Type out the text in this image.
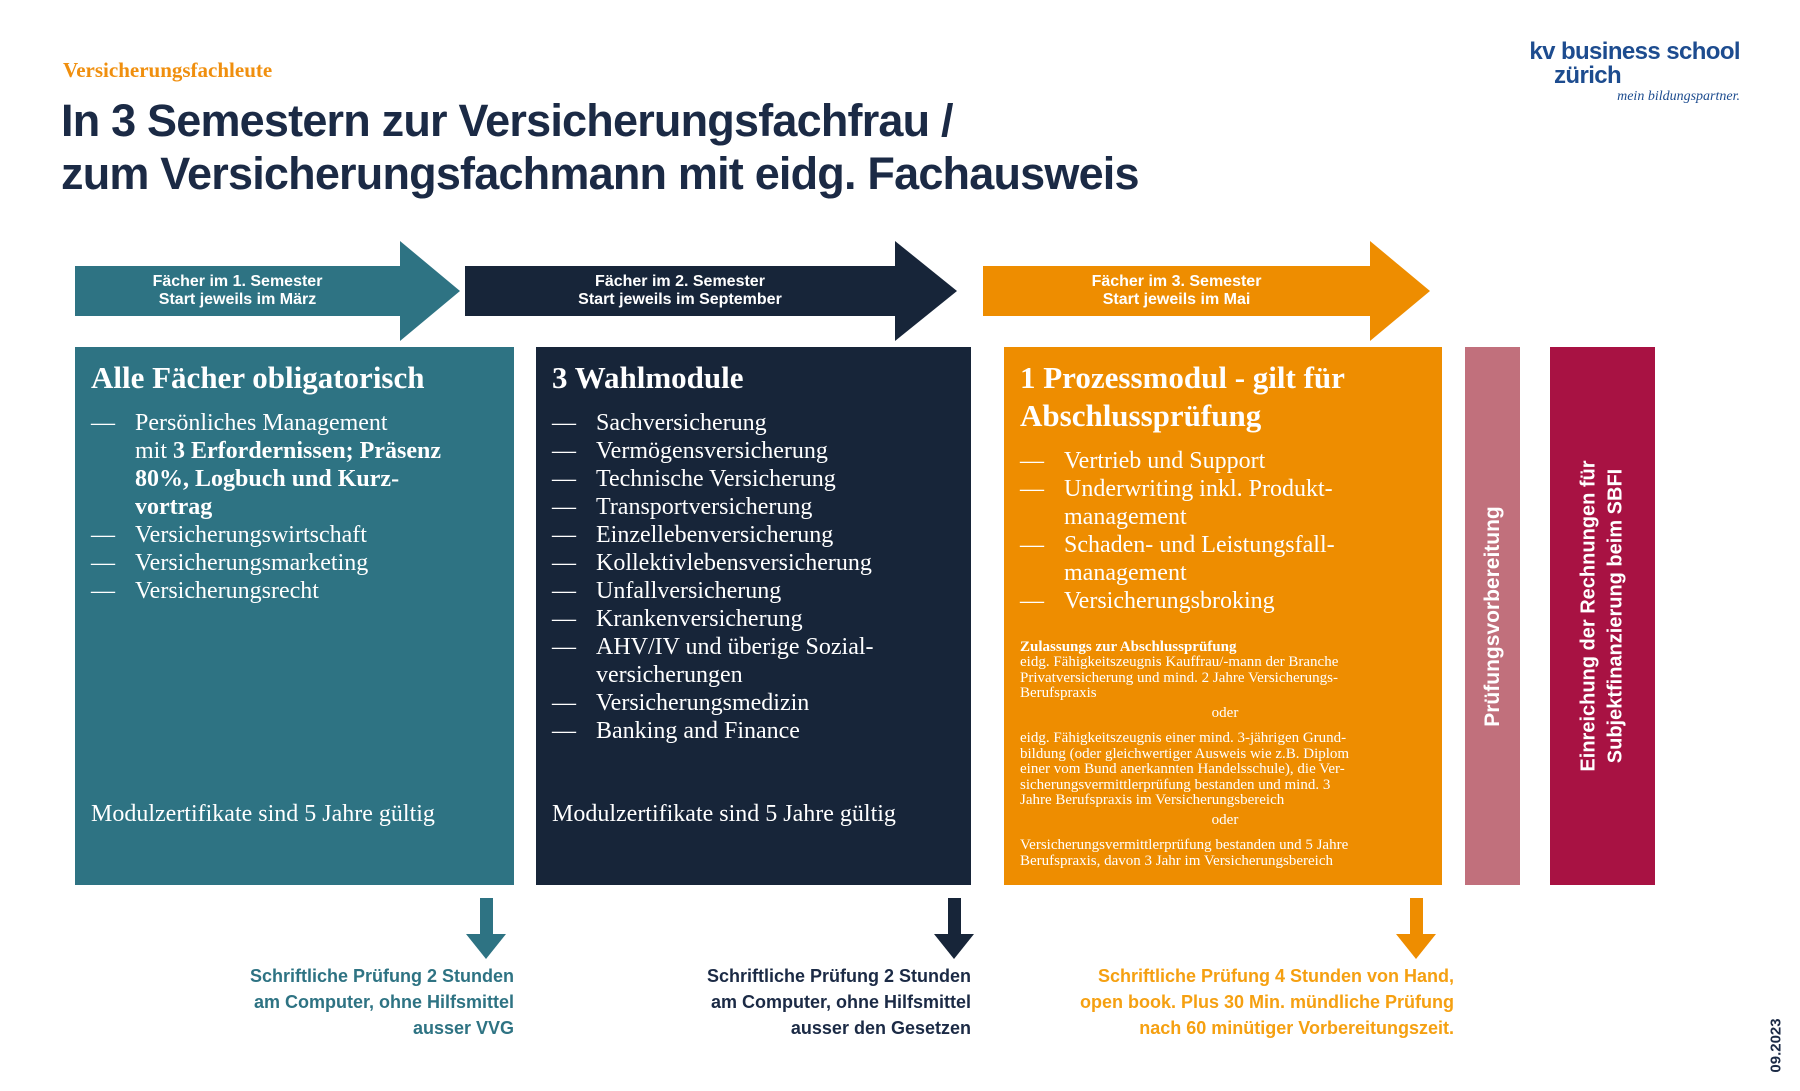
Versicherungsfachleute
In 3 Semestern zur Versicherungsfachfrau /
zum Versicherungsfachmann mit eidg. Fachausweis
kv business school
zürich
mein bildungspartner.
Fächer im 1. Semester
Start jeweils im März
Fächer im 2. Semester
Start jeweils im September
Fächer im 3. Semester
Start jeweils im Mai
Alle Fächer obligatorisch
— Persönliches Management
mit 3 Erfordernissen; Präsenz
80%, Logbuch und Kurz-
vortrag
— Versicherungswirtschaft
— Versicherungsmarketing
— Versicherungsrecht
Modulzertifikate sind 5 Jahre gültig
3 Wahlmodule
— Sachversicherung
— Vermögensversicherung
— Technische Versicherung
— Transportversicherung
— Einzellebenversicherung
— Kollektivlebensversicherung
— Unfallversicherung
— Krankenversicherung
— AHV/IV und überige Sozial-
versicherungen
— Versicherungsmedizin
— Banking and Finance
Modulzertifikate sind 5 Jahre gültig
1 Prozessmodul - gilt für
Abschlussprüfung
— Vertrieb und Support
— Underwriting inkl. Produkt-
management
— Schaden- und Leistungsfall-
management
— Versicherungsbroking
Zulassungs zur Abschlussprüfung
eidg. Fähigkeitszeugnis Kauffrau/-mann der Branche
Privatversicherung und mind. 2 Jahre Versicherungs-
Berufspraxis
oder
eidg. Fähigkeitszeugnis einer mind. 3-jährigen Grund-
bildung (oder gleichwertiger Ausweis wie z.B. Diplom
einer vom Bund anerkannten Handelsschule), die Ver-
sicherungsvermittlerprüfung bestanden und mind. 3
Jahre Berufspraxis im Versicherungsbereich
oder
Versicherungsvermittlerprüfung bestanden und 5 Jahre
Berufspraxis, davon 3 Jahr im Versicherungsbereich
Schriftliche Prüfung 2 Stunden
am Computer, ohne Hilfsmittel
ausser VVG
Schriftliche Prüfung 2 Stunden
am Computer, ohne Hilfsmittel
ausser den Gesetzen
Schriftliche Prüfung 4 Stunden von Hand,
open book. Plus 30 Min. mündliche Prüfung
nach 60 minütiger Vorbereitungszeit.
Prüfungsvorbereitung	Einreichung der Rechnungen für Subjektfinanzierung beim SBFI
09.2023
